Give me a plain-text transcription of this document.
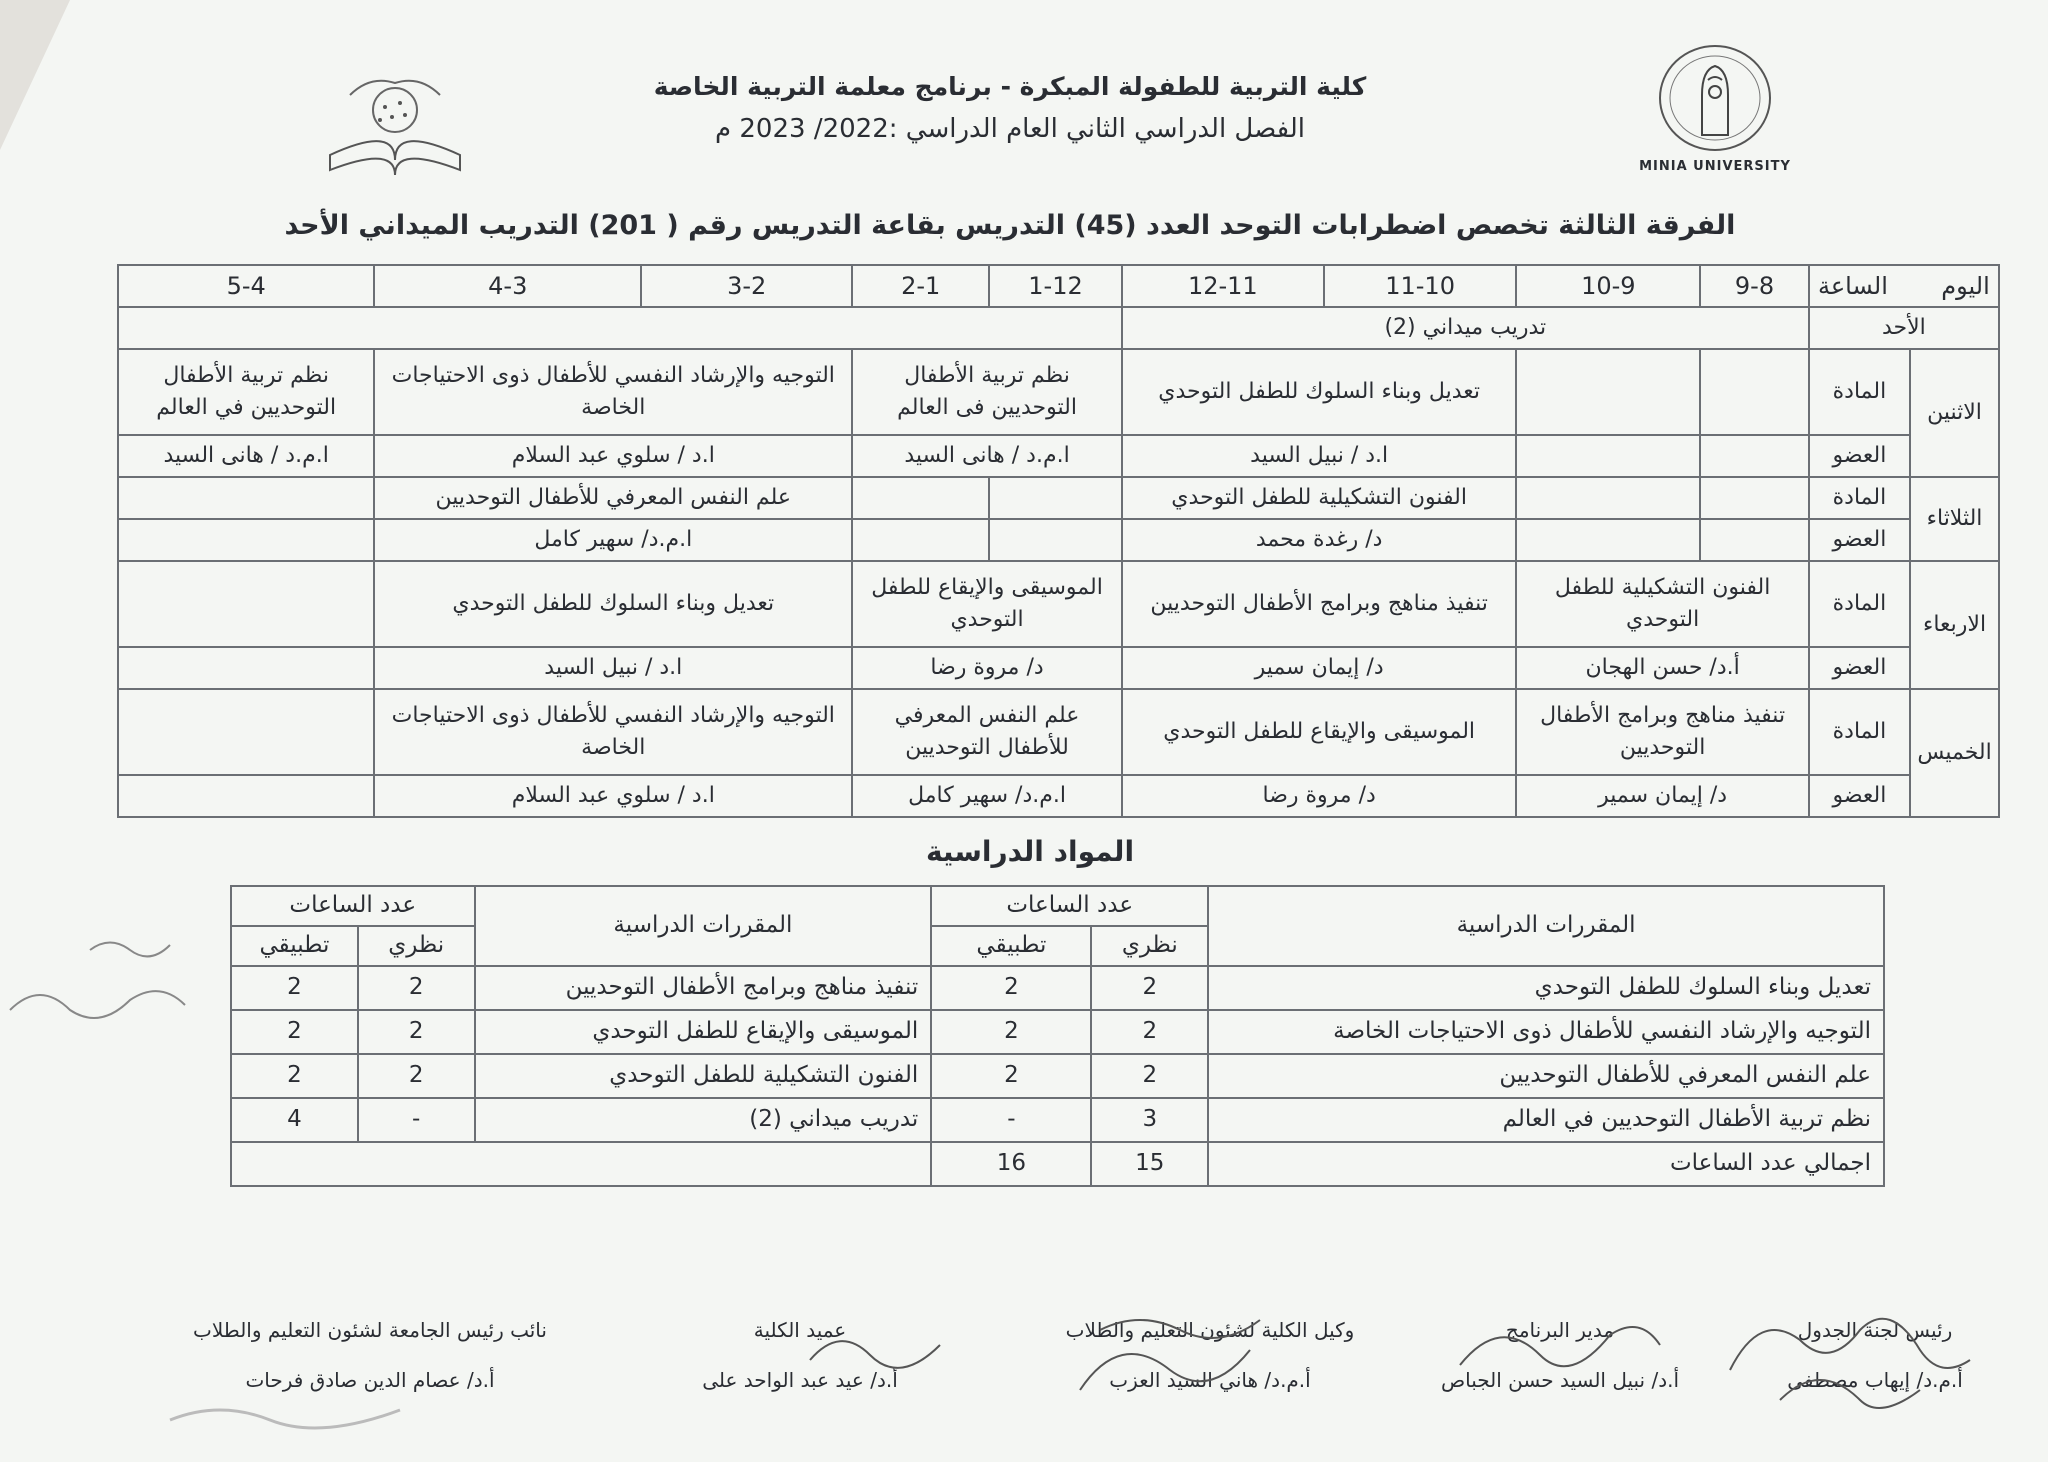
MINIA UNIVERSITY
كلية التربية للطفولة المبكرة - برنامج معلمة التربية الخاصة
الفصل الدراسي الثاني العام الدراسي :2022/ 2023 م
الفرقة الثالثة تخصص اضطرابات التوحد العدد (45) التدريس بقاعة التدريس رقم ( 201) التدريب الميداني الأحد
اليوم       الساعة		9-8	10-9	11-10	12-11	1-12	2-1	3-2	4-3	5-4
الأحد		تدريب ميداني (2)								
الاثنين	المادة			تعديل وبناء السلوك للطفل التوحدي		نظم تربية الأطفال التوحديين فى العالم		التوجيه والإرشاد النفسي للأطفال ذوى الاحتياجات الخاصة		نظم تربية الأطفال التوحديين في العالم
	العضو			ا.د / نبيل السيد		ا.م.د / هانى السيد		ا.د / سلوي عبد السلام		ا.م.د / هانى السيد
الثلاثاء	المادة			الفنون التشكيلية للطفل التوحدي				علم النفس المعرفي للأطفال التوحديين		
	العضو			د/ رغدة محمد				ا.م.د/ سهير كامل		
الاربعاء	المادة	الفنون التشكيلية للطفل التوحدي		تنفيذ مناهج وبرامج الأطفال التوحديين		الموسيقى والإيقاع للطفل التوحدي		تعديل وبناء السلوك للطفل التوحدي		
	العضو	أ.د/ حسن الهجان		د/ إيمان سمير		د/ مروة رضا		ا.د / نبيل السيد		
الخميس	المادة	تنفيذ مناهج وبرامج الأطفال التوحديين		الموسيقى والإيقاع للطفل التوحدي		علم النفس المعرفي للأطفال التوحديين		التوجيه والإرشاد النفسي للأطفال ذوى الاحتياجات الخاصة		
	العضو	د/ إيمان سمير		د/ مروة رضا		ا.م.د/ سهير كامل		ا.د / سلوي عبد السلام		
المواد الدراسية
المقررات الدراسية	عدد الساعات		المقررات الدراسية	عدد الساعات	
	نظري	تطبيقي		نظري	تطبيقي
تعديل وبناء السلوك للطفل التوحدي	2	2	تنفيذ مناهج وبرامج الأطفال التوحديين	2	2
التوجيه والإرشاد النفسي للأطفال ذوى الاحتياجات الخاصة	2	2	الموسيقى والإيقاع للطفل التوحدي	2	2
علم النفس المعرفي للأطفال التوحديين	2	2	الفنون التشكيلية للطفل التوحدي	2	2
نظم تربية الأطفال التوحديين في العالم	3	-	تدريب ميداني (2)	-	4
اجمالي عدد الساعات	15	16			
رئيس لجنة الجدول
أ.م.د/ إيهاب مصطفى
مدير البرنامج
أ.د/ نبيل السيد حسن الجباص
وكيل الكلية لشئون التعليم والطلاب
أ.م.د/ هاني السيد العزب
عميد الكلية
أ.د/ عيد عبد الواحد على
نائب رئيس الجامعة لشئون التعليم والطلاب
أ.د/ عصام الدين صادق فرحات
